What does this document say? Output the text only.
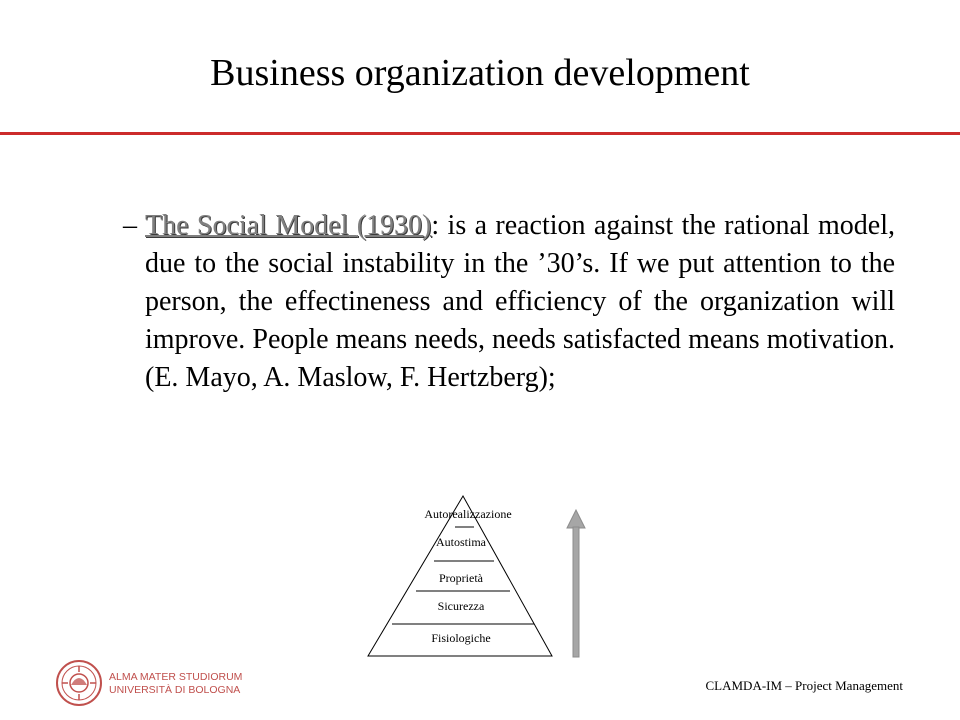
Business organization development
– The Social Model (1930): is a reaction against the rational model, due to the social instability in the ’30’s. If we put attention to the person, the effectineness and efficiency of the organization will improve. People means needs, needs satisfacted means motivation. (E. Mayo, A. Maslow, F. Hertzberg);
Autorealizzazione
Autostima
Proprietà
Sicurezza
Fisiologiche
ALMA MATER STUDIORUM
UNIVERSITÀ DI BOLOGNA	CLAMDA-IM – Project Management
